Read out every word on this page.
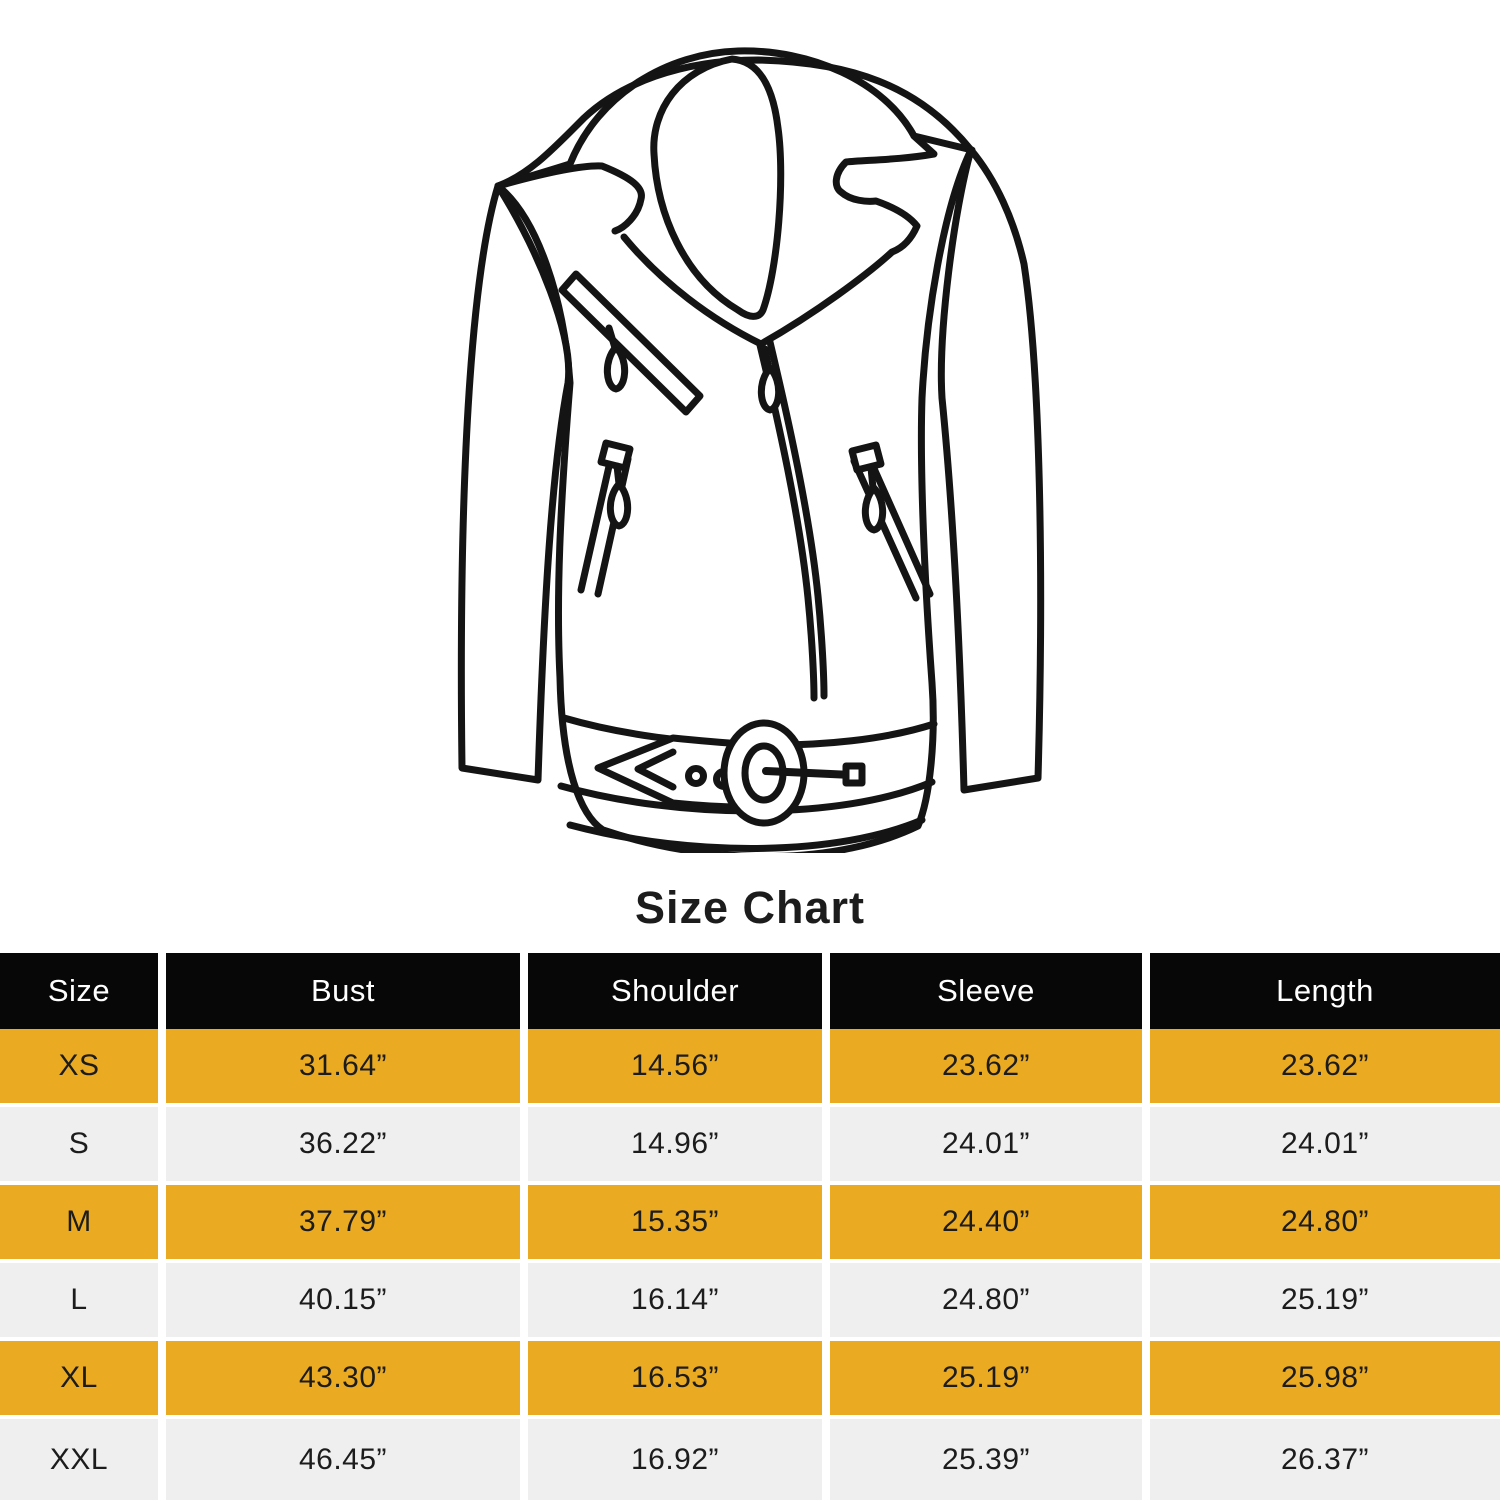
Size Chart
Size	Bust	Shoulder	Sleeve	Length
XS	31.64”	14.56”	23.62”	23.62”
S	36.22”	14.96”	24.01”	24.01”
M	37.79”	15.35”	24.40”	24.80”
L	40.15”	16.14”	24.80”	25.19”
XL	43.30”	16.53”	25.19”	25.98”
XXL	46.45”	16.92”	25.39”	26.37”
